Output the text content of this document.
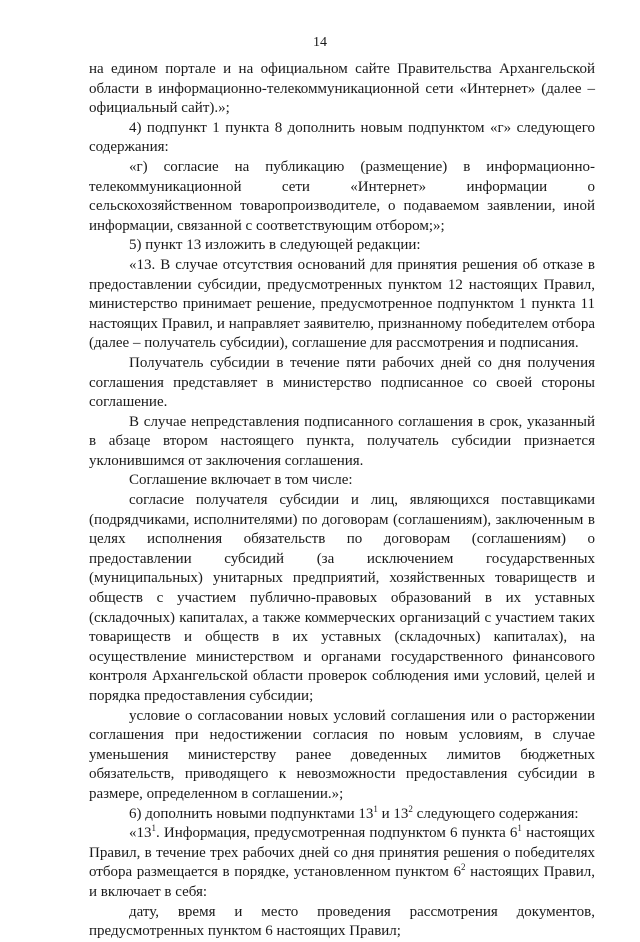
14

на едином портале и на официальном сайте Правительства Архангельской области в информационно-телекоммуникационной сети «Интернет» (далее – официальный сайт).»;

4) подпункт 1 пункта 8 дополнить новым подпунктом «г» следующего содержания:

«г) согласие на публикацию (размещение) в информационно-телекоммуникационной сети «Интернет» информации о сельскохозяйственном товаропроизводителе, о подаваемом заявлении, иной информации, связанной с соответствующим отбором;»;

5) пункт 13 изложить в следующей редакции:

«13. В случае отсутствия оснований для принятия решения об отказе в предоставлении субсидии, предусмотренных пунктом 12 настоящих Правил, министерство принимает решение, предусмотренное подпунктом 1 пункта 11 настоящих Правил, и направляет заявителю, признанному победителем отбора (далее – получатель субсидии), соглашение для рассмотрения и подписания.

Получатель субсидии в течение пяти рабочих дней со дня получения соглашения представляет в министерство подписанное со своей стороны соглашение.

В случае непредставления подписанного соглашения в срок, указанный в абзаце втором настоящего пункта, получатель субсидии признается уклонившимся от заключения соглашения.

Соглашение включает в том числе:

согласие получателя субсидии и лиц, являющихся поставщиками (подрядчиками, исполнителями) по договорам (соглашениям), заключенным в целях исполнения обязательств по договорам (соглашениям) о предоставлении субсидий (за исключением государственных (муниципальных) унитарных предприятий, хозяйственных товариществ и обществ с участием публично-правовых образований в их уставных (складочных) капиталах, а также коммерческих организаций с участием таких товариществ и обществ в их уставных (складочных) капиталах), на осуществление министерством и органами государственного финансового контроля Архангельской области проверок соблюдения ими условий, целей и порядка предоставления субсидии;

условие о согласовании новых условий соглашения или о расторжении соглашения при недостижении согласия по новым условиям, в случае уменьшения министерству ранее доведенных лимитов бюджетных обязательств, приводящего к невозможности предоставления субсидии в размере, определенном в соглашении.»;

6) дополнить новыми подпунктами $13^1$ и $13^2$ следующего содержания:

«$13^1$. Информация, предусмотренная подпунктом 6 пункта $6^1$ настоящих Правил, в течение трех рабочих дней со дня принятия решения о победителях отбора размещается в порядке, установленном пунктом $6^2$ настоящих Правил, и включает в себя:

дату, время и место проведения рассмотрения документов, предусмотренных пунктом 6 настоящих Правил;
